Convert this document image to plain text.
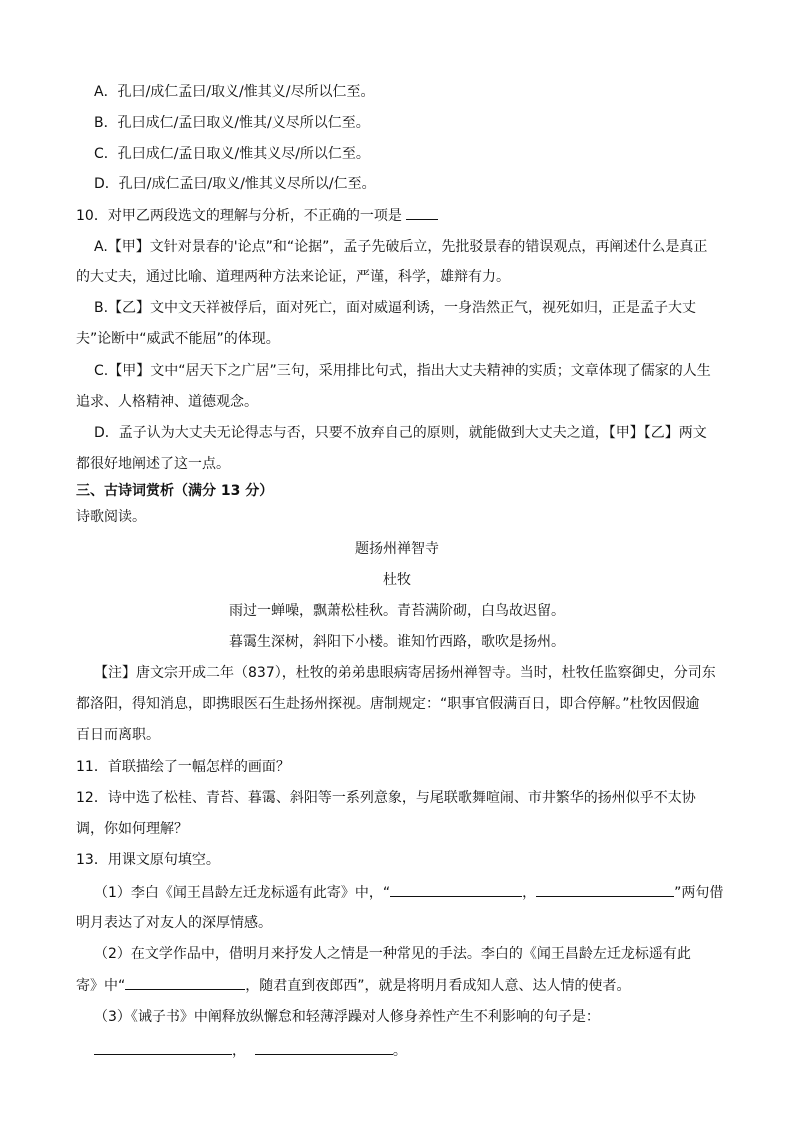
A．孔曰/成仁孟曰/取义/惟其义/尽所以仁至。
B．孔曰成仁/孟曰取义/惟其/义尽所以仁至。
C．孔曰成仁/孟日取义/惟其义尽/所以仁至。
D．孔曰/成仁孟曰/取义/惟其义尽所以/仁至。
10．对甲乙两段选文的理解与分析，不正确的一项是
A.【甲】文针对景春的'论点”和“论据”，孟子先破后立，先批驳景春的错误观点，再阐述什么是真正
的大丈夫，通过比喻、道理两种方法来论证，严谨，科学，雄辩有力。
B.【乙】文中文天祥被俘后，面对死亡，面对威逼利诱，一身浩然正气，视死如归，正是孟子大丈
夫”论断中“威武不能屈”的体现。
C.【甲】文中“居天下之广居”三句，采用排比句式，指出大丈夫精神的实质；文章体现了儒家的人生
追求、人格精神、道德观念。
D．孟子认为大丈夫无论得志与否，只要不放弃自己的原则，就能做到大丈夫之道，【甲】【乙】两文
都很好地阐述了这一点。
三、古诗词赏析（满分 13 分）
诗歌阅读。
题扬州禅智寺
杜牧
雨过一蝉噪，飘萧松桂秋。青苔满阶砌，白鸟故迟留。
暮霭生深树，斜阳下小楼。谁知竹西路，歌吹是扬州。
【注】唐文宗开成二年（837），杜牧的弟弟患眼病寄居扬州禅智寺。当时，杜牧任监察御史，分司东
都洛阳，得知消息，即携眼医石生赴扬州探视。唐制规定：“职事官假满百日，即合停解。”杜牧因假逾
百日而离职。
11．首联描绘了一幅怎样的画面？
12．诗中选了松桂、青苔、暮霭、斜阳等一系列意象，与尾联歌舞喧闹、市井繁华的扬州似乎不太协
调，你如何理解？
13．用课文原句填空。
（1）李白《闻王昌龄左迁龙标遥有此寄》中，“	，	”两句借
明月表达了对友人的深厚情感。
（2）在文学作品中，借明月来抒发人之情是一种常见的手法。李白的《闻王昌龄左迁龙标遥有此
寄》中“	，随君直到夜郎西”，就是将明月看成知人意、达人情的使者。
（3）《诫子书》中阐释放纵懈怠和轻薄浮躁对人修身养性产生不利影响的句子是：
，	。
